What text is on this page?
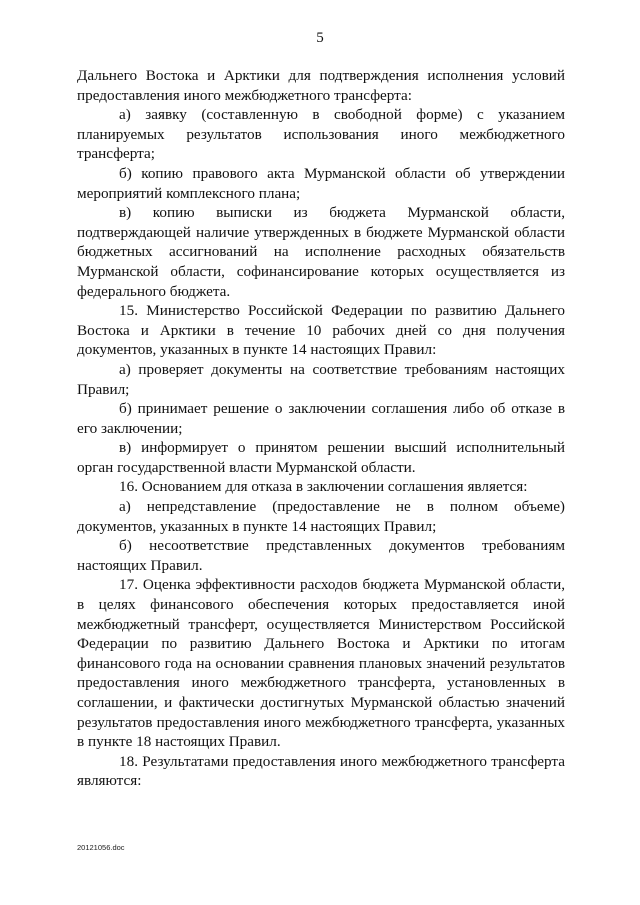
5

Дальнего Востока и Арктики для подтверждения исполнения условий предоставления иного межбюджетного трансферта:

а) заявку (составленную в свободной форме) с указанием планируемых результатов использования иного межбюджетного трансферта;

б) копию правового акта Мурманской области об утверждении мероприятий комплексного плана;

в) копию выписки из бюджета Мурманской области, подтверждающей наличие утвержденных в бюджете Мурманской области бюджетных ассигнований на исполнение расходных обязательств Мурманской области, софинансирование которых осуществляется из федерального бюджета.

15. Министерство Российской Федерации по развитию Дальнего Востока и Арктики в течение 10 рабочих дней со дня получения документов, указанных в пункте 14 настоящих Правил:

а) проверяет документы на соответствие требованиям настоящих Правил;

б) принимает решение о заключении соглашения либо об отказе в его заключении;

в) информирует о принятом решении высший исполнительный орган государственной власти Мурманской области.

16. Основанием для отказа в заключении соглашения является:

а) непредставление (предоставление не в полном объеме) документов, указанных в пункте 14 настоящих Правил;

б) несоответствие представленных документов требованиям настоящих Правил.

17. Оценка эффективности расходов бюджета Мурманской области, в целях финансового обеспечения которых предоставляется иной межбюджетный трансферт, осуществляется Министерством Российской Федерации по развитию Дальнего Востока и Арктики по итогам финансового года на основании сравнения плановых значений результатов предоставления иного межбюджетного трансферта, установленных в соглашении, и фактически достигнутых Мурманской областью значений результатов предоставления иного межбюджетного трансферта, указанных в пункте 18 настоящих Правил.

18. Результатами предоставления иного межбюджетного трансферта являются:

20121056.doc
